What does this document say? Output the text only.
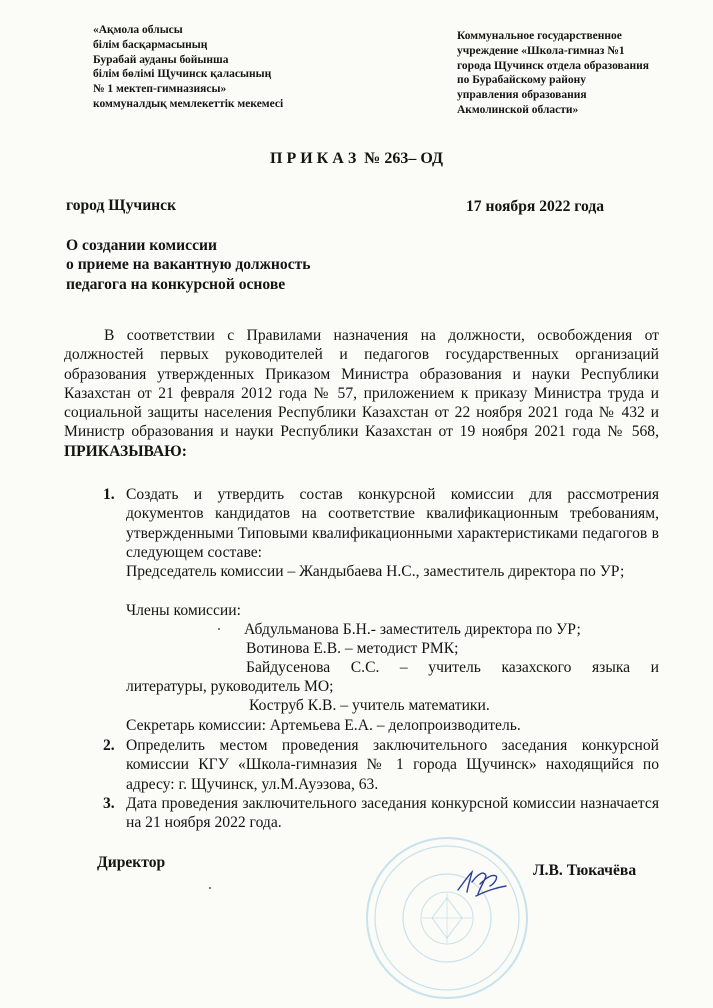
«Ақмола облысы
білім басқармасының
Бурабай ауданы бойынша
білім бөлімі Щучинск қаласының
№ 1 мектеп-гимназиясы»
коммуналдық мемлекеттік мекемесі
Коммунальное государственное
учреждение «Школа-гимназ №1
города Щучинск отдела образования
по Бурабайскому району
управления образования
Акмолинской области»
П Р И К А З  № 263– ОД
город Щучинск	17 ноября 2022 года
О создании комиссии
о приеме на вакантную должность
педагога на конкурсной основе
В соответствии с Правилами назначения на должности, освобождения от должностей первых руководителей и педагогов государственных организаций образования утвержденных Приказом Министра образования и науки Республики Казахстан от 21 февраля 2012 года № 57, приложением к приказу Министра труда и социальной защиты населения Республики Казахстан от 22 ноября 2021 года № 432 и Министр образования и науки Республики Казахстан от 19 ноября 2021 года № 568, ПРИКАЗЫВАЮ:
1. Создать и утвердить состав конкурсной комиссии для рассмотрения документов кандидатов на соответствие квалификационным требованиям, утвержденными Типовыми квалификационными характеристиками педагогов в следующем составе:
Председатель комиссии – Жандыбаева Н.С., заместитель директора по УР;
Члены комиссии:
Абдульманова Б.Н.- заместитель директора по УР;
Вотинова Е.В. – методист РМК;
Байдусенова С.С. – учитель казахского языка и
литературы, руководитель МО;
Коструб К.В. – учитель математики.
Секретарь комиссии: Артемьева Е.А. – делопроизводитель.
2. Определить местом проведения заключительного заседания конкурсной комиссии КГУ «Школа-гимназия № 1 города Щучинск» находящийся по адресу: г. Щучинск, ул.М.Ауэзова, 63.
3. Дата проведения заключительного заседания конкурсной комиссии назначается на 21 ноября 2022 года.
Директор	Л.В. Тюкачёва
